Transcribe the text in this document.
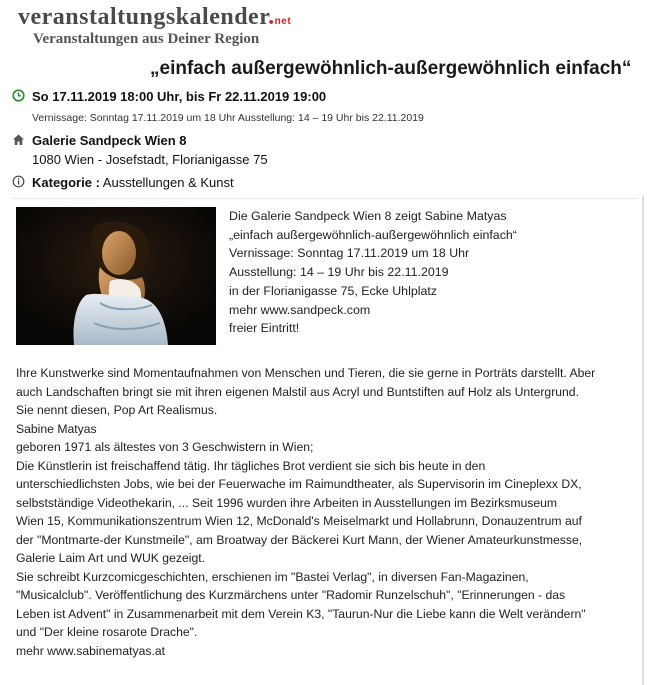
veranstaltungskalender.net
Veranstaltungen aus Deiner Region
„einfach außergewöhnlich-außergewöhnlich einfach“
So 17.11.2019 18:00 Uhr, bis Fr 22.11.2019 19:00
Vernissage: Sonntag 17.11.2019 um 18 Uhr Ausstellung: 14 – 19 Uhr bis 22.11.2019
Galerie Sandpeck Wien 8
1080 Wien - Josefstadt, Florianigasse 75
Kategorie : Ausstellungen & Kunst
Die Galerie Sandpeck Wien 8 zeigt Sabine Matyas
„einfach außergewöhnlich-außergewöhnlich einfach“
Vernissage: Sonntag 17.11.2019 um 18 Uhr
Ausstellung: 14 – 19 Uhr bis 22.11.2019
in der Florianigasse 75, Ecke Uhlplatz
mehr www.sandpeck.com
freier Eintritt!
Ihre Kunstwerke sind Momentaufnahmen von Menschen und Tieren, die sie gerne in Porträts darstellt. Aber
auch Landschaften bringt sie mit ihren eigenen Malstil aus Acryl und Buntstiften auf Holz als Untergrund.
Sie nennt diesen, Pop Art Realismus.
Sabine Matyas
geboren 1971 als ältestes von 3 Geschwistern in Wien;
Die Künstlerin ist freischaffend tätig. Ihr tägliches Brot verdient sie sich bis heute in den
unterschiedlichsten Jobs, wie bei der Feuerwache im Raimundtheater, als Supervisorin im Cineplexx DX,
selbstständige Videothekarin, ... Seit 1996 wurden ihre Arbeiten in Ausstellungen im Bezirksmuseum
Wien 15, Kommunikationszentrum Wien 12, McDonald's Meiselmarkt und Hollabrunn, Donauzentrum auf
der "Montmarte-der Kunstmeile", am Broatway der Bäckerei Kurt Mann, der Wiener Amateurkunstmesse,
Galerie Laim Art und WUK gezeigt.
Sie schreibt Kurzcomicgeschichten, erschienen im "Bastei Verlag", in diversen Fan-Magazinen,
"Musicalclub". Veröffentlichung des Kurzmärchens unter "Radomir Runzelschuh", "Erinnerungen - das
Leben ist Advent" in Zusammenarbeit mit dem Verein K3, "Taurun-Nur die Liebe kann die Welt verändern"
und "Der kleine rosarote Drache".
mehr www.sabinematyas.at
